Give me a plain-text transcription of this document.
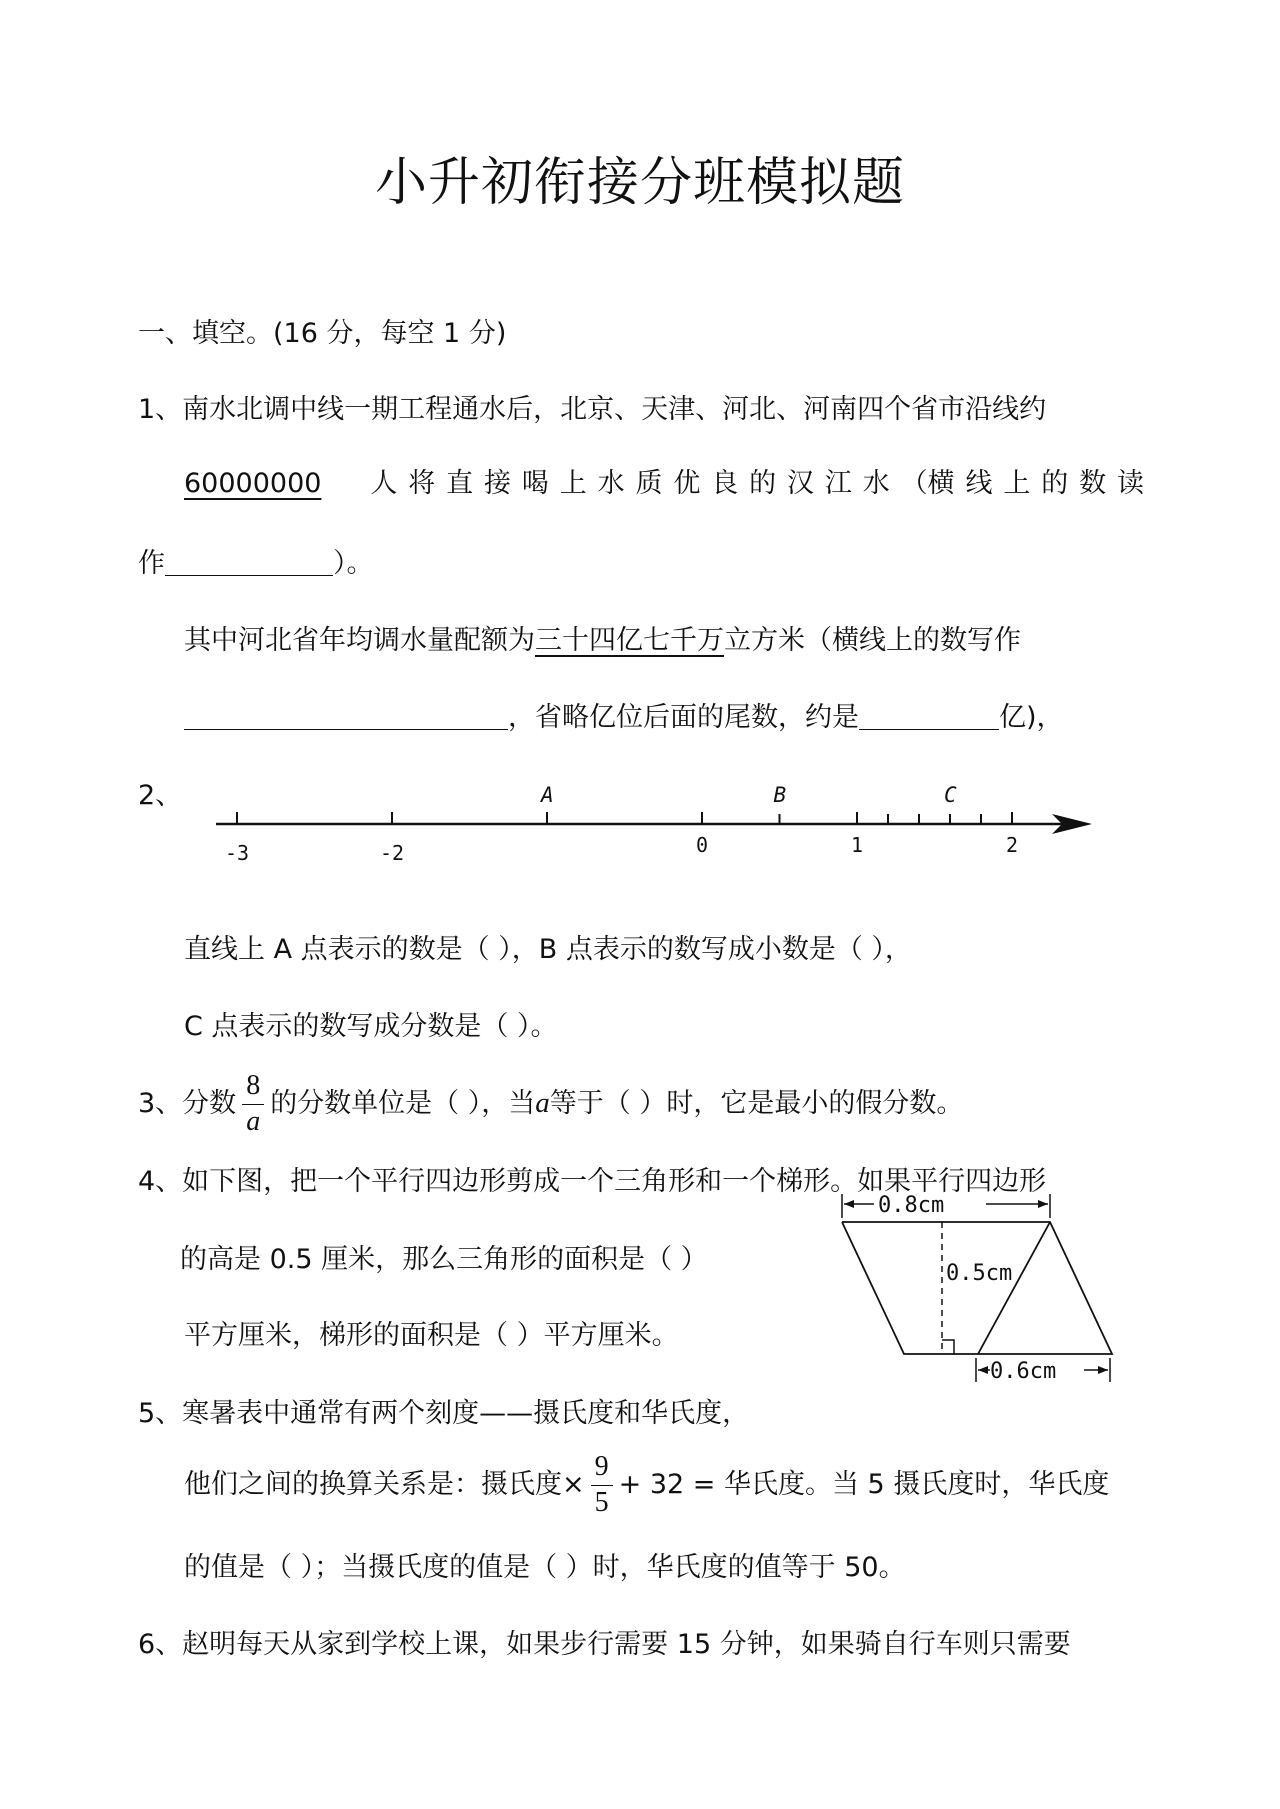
小升初衔接分班模拟题
一、填空。(16 分，每空 1 分)
1、南水北调中线一期工程通水后，北京、天津、河北、河南四个省市沿线约
60000000	人 将 直 接 喝 上 水 质 优 良 的 汉 江 水 （横 线 上 的 数 读
作	）。
其中河北省年均调水量配额为三十四亿七千万立方米（横线上的数写作
，省略亿位后面的尾数，约是	亿)，
2、
-3	-2	0	1	2
A	B	C
直线上 A 点表示的数是（ ），B 点表示的数写成小数是（ ），
C 点表示的数写成分数是（ ）。
3、分数 $\frac{8}{a}$ 的分数单位是（ ），当a等于（ ）时，它是最小的假分数。
4、如下图，把一个平行四边形剪成一个三角形和一个梯形。如果平行四边形
的高是 0.5 厘米，那么三角形的面积是（ ）
平方厘米，梯形的面积是（ ）平方厘米。
0.8cm
0.5cm
0.6cm
5、寒暑表中通常有两个刻度——摄氏度和华氏度，
他们之间的换算关系是：摄氏度× $\frac{9}{5} + 32$ = 华氏度。当 5 摄氏度时，华氏度
的值是（ ）；当摄氏度的值是（ ）时，华氏度的值等于 50。
6、赵明每天从家到学校上课，如果步行需要 15 分钟，如果骑自行车则只需要
